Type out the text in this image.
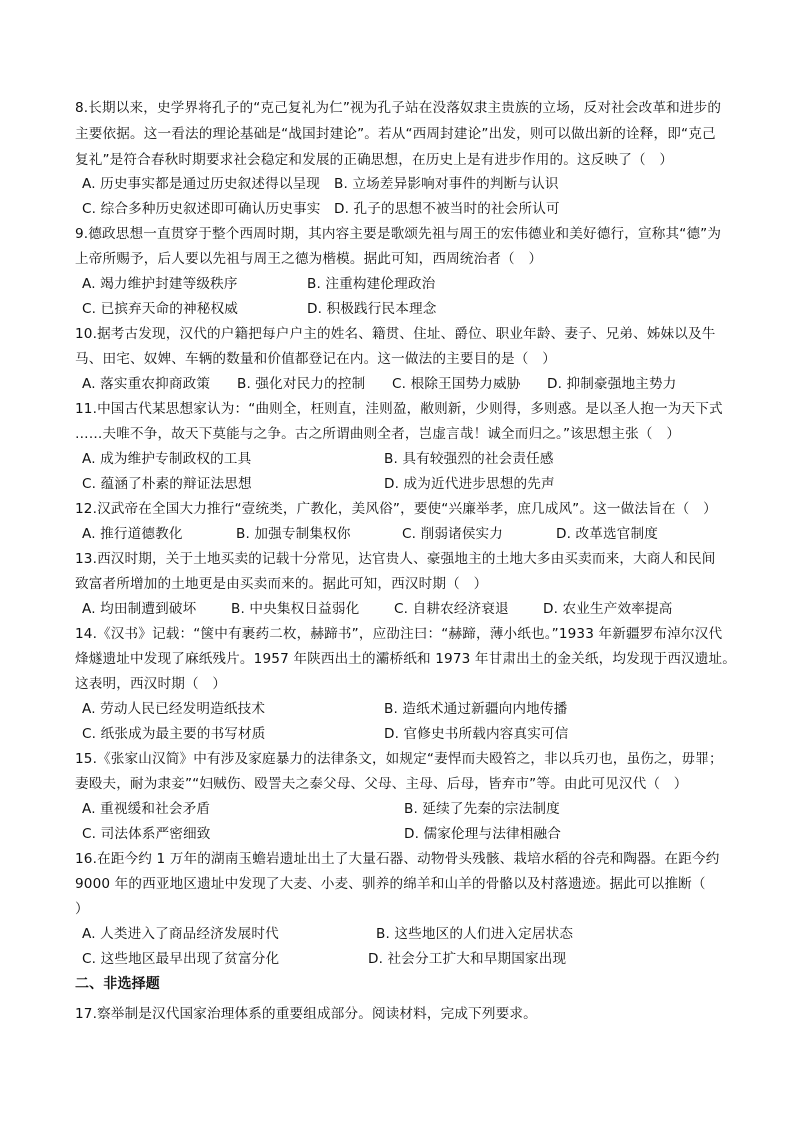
8.长期以来，史学界将孔子的“克己复礼为仁”视为孔子站在没落奴隶主贵族的立场，反对社会改革和进步的
主要依据。这一看法的理论基础是“战国封建论”。若从“西周封建论”出发，则可以做出新的诠释，即“克己
复礼”是符合春秋时期要求社会稳定和发展的正确思想，在历史上是有进步作用的。这反映了（　）
A. 历史事实都是通过历史叙述得以呈现 B. 立场差异影响对事件的判断与认识
C. 综合多种历史叙述即可确认历史事实 D. 孔子的思想不被当时的社会所认可
9.德政思想一直贯穿于整个西周时期，其内容主要是歌颂先祖与周王的宏伟德业和美好德行，宣称其“德”为
上帝所赐予，后人要以先祖与周王之德为楷模。据此可知，西周统治者（　）
A. 竭力维护封建等级秩序	B. 注重构建伦理政治
C. 已摈弃天命的神秘权威	D. 积极践行民本理念
10.据考古发现，汉代的户籍把每户户主的姓名、籍贯、住址、爵位、职业年龄、妻子、兄弟、姊妹以及牛
马、田宅、奴婢、车辆的数量和价值都登记在内。这一做法的主要目的是（　）
A. 落实重农抑商政策 B. 强化对民力的控制 C. 根除王国势力威胁 D. 抑制豪强地主势力
11.中国古代某思想家认为：“曲则全，枉则直，洼则盈，敝则新，少则得，多则惑。是以圣人抱一为天下式
……夫唯不争，故天下莫能与之争。古之所谓曲则全者，岂虚言哉！诚全而归之。”该思想主张（　）
A. 成为维护专制政权的工具	B. 具有较强烈的社会责任感
C. 蕴涵了朴素的辩证法思想	D. 成为近代进步思想的先声
12.汉武帝在全国大力推行“壹统类，广教化，美风俗”，要使“兴廉举孝，庶几成风”。这一做法旨在（　）
A. 推行道德教化	B. 加强专制集权你	C. 削弱诸侯实力	D. 改革选官制度
13.西汉时期，关于土地买卖的记载十分常见，达官贵人、豪强地主的土地大多由买卖而来，大商人和民间
致富者所增加的土地更是由买卖而来的。据此可知，西汉时期（　）
A. 均田制遭到破坏	B. 中央集权日益弱化	C. 自耕农经济衰退	D. 农业生产效率提高
14.《汉书》记载：“箧中有裹药二枚，赫蹄书”，应劭注曰：“赫蹄，薄小纸也。”1933 年新疆罗布淖尔汉代
烽燧遗址中发现了麻纸残片。1957 年陕西出土的灞桥纸和 1973 年甘肃出土的金关纸，均发现于西汉遗址。
这表明，西汉时期（　）
A. 劳动人民已经发明造纸技术	B. 造纸术通过新疆向内地传播
C. 纸张成为最主要的书写材质	D. 官修史书所载内容真实可信
15.《张家山汉简》中有涉及家庭暴力的法律条文，如规定“妻悍而夫殴笞之，非以兵刃也，虽伤之，毋罪；
妻殴夫，耐为隶妾”“妇贼伤、殴詈夫之泰父母、父母、主母、后母，皆弃市”等。由此可见汉代（　）
A. 重视缓和社会矛盾	B. 延续了先秦的宗法制度
C. 司法体系严密细致	D. 儒家伦理与法律相融合
16.在距今约 1 万年的湖南玉蟾岩遗址出土了大量石器、动物骨头残骸、栽培水稻的谷壳和陶器。在距今约
9000 年的西亚地区遗址中发现了大麦、小麦、驯养的绵羊和山羊的骨骼以及村落遗迹。据此可以推断（
）
A. 人类进入了商品经济发展时代	B. 这些地区的人们进入定居状态
C. 这些地区最早出现了贫富分化	D. 社会分工扩大和早期国家出现
二、非选择题
17.察举制是汉代国家治理体系的重要组成部分。阅读材料，完成下列要求。
